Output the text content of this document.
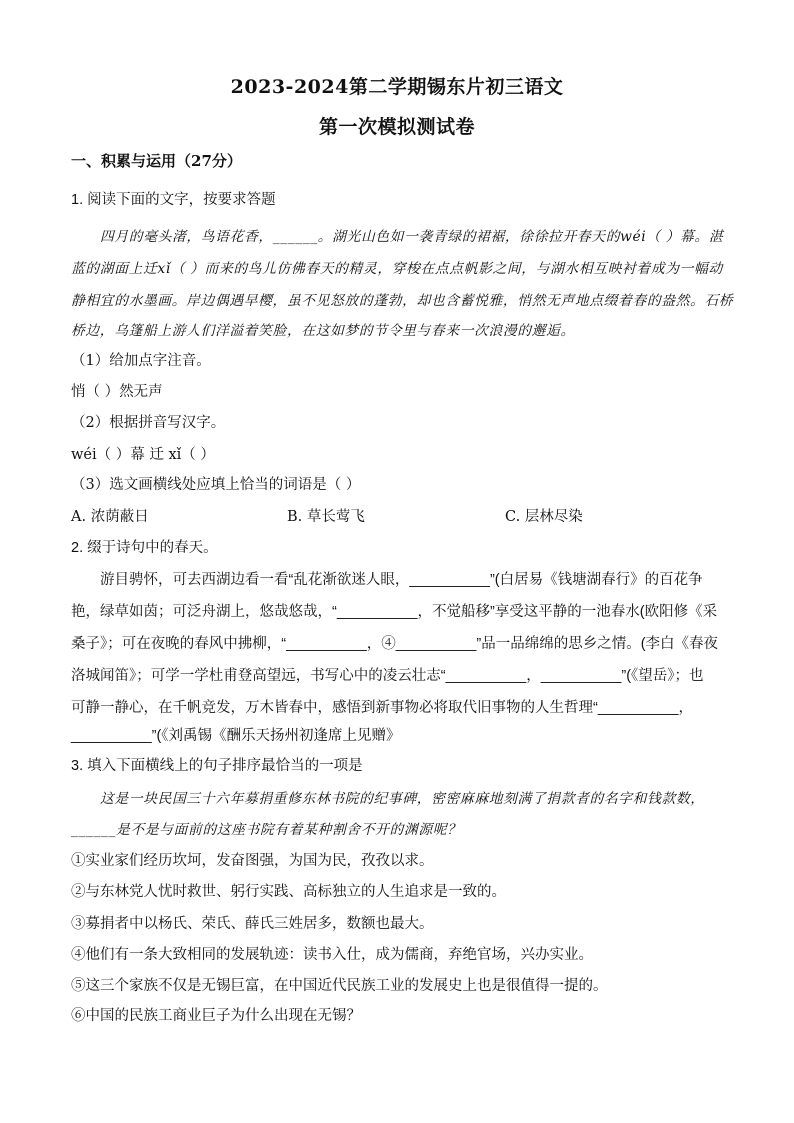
2023-2024第二学期锡东片初三语文
第一次模拟测试卷
一、积累与运用（27分）
1. 阅读下面的文字，按要求答题
四月的毫头渚，鸟语花香，______。湖光山色如一袭青绿的裙裾，徐徐拉开春天的wéi（ ）幕。湛
蓝的湖面上迁xǐ（ ）而来的鸟儿仿佛春天的精灵，穿梭在点点帆影之间，与湖水相互映衬着成为一幅动
静相宜的水墨画。岸边偶遇早樱，虽不见怒放的蓬勃，却也含蓄悦雅，悄然无声地点缀着春的盎然。石桥
桥边，乌篷船上游人们洋溢着笑脸，在这如梦的节令里与春来一次浪漫的邂逅。
（1）给加点字注音。
悄（ ）然无声
（2）根据拼音写汉字。
wéi（ ）幕 迁 xǐ（ ）
（3）选文画横线处应填上恰当的词语是（ ）
A. 浓荫蔽日	B. 草长莺飞	C. 层林尽染
2. 缀于诗句中的春天。
游目骋怀，可去西湖边看一看“乱花渐欲迷人眼，__________”(白居易《钱塘湖春行》的百花争
艳，绿草如茵；可泛舟湖上，悠哉悠哉，“__________，不觉船移”享受这平静的一池春水(欧阳修《采
桑子》；可在夜晚的春风中拂柳，“__________，④__________”品一品绵绵的思乡之情。(李白《春夜
洛城闻笛》；可学一学杜甫登高望远，书写心中的凌云壮志“__________，__________”(《望岳》；也
可静一静心，在千帆竞发，万木皆春中，感悟到新事物必将取代旧事物的人生哲理“__________，
__________”(《刘禹锡《酬乐天扬州初逢席上见赠》
3. 填入下面横线上的句子排序最恰当的一项是
这是一块民国三十六年募捐重修东林书院的纪事碑，密密麻麻地刻满了捐款者的名字和钱款数，
______是不是与面前的这座书院有着某种割舍不开的渊源呢？
①实业家们经历坎坷，发奋图强，为国为民，孜孜以求。
②与东林党人忧时救世、躬行实践、高标独立的人生追求是一致的。
③募捐者中以杨氏、荣氏、薛氏三姓居多，数额也最大。
④他们有一条大致相同的发展轨迹：读书入仕，成为儒商，弃绝官场，兴办实业。
⑤这三个家族不仅是无锡巨富，在中国近代民族工业的发展史上也是很值得一提的。
⑥中国的民族工商业巨子为什么出现在无锡？
